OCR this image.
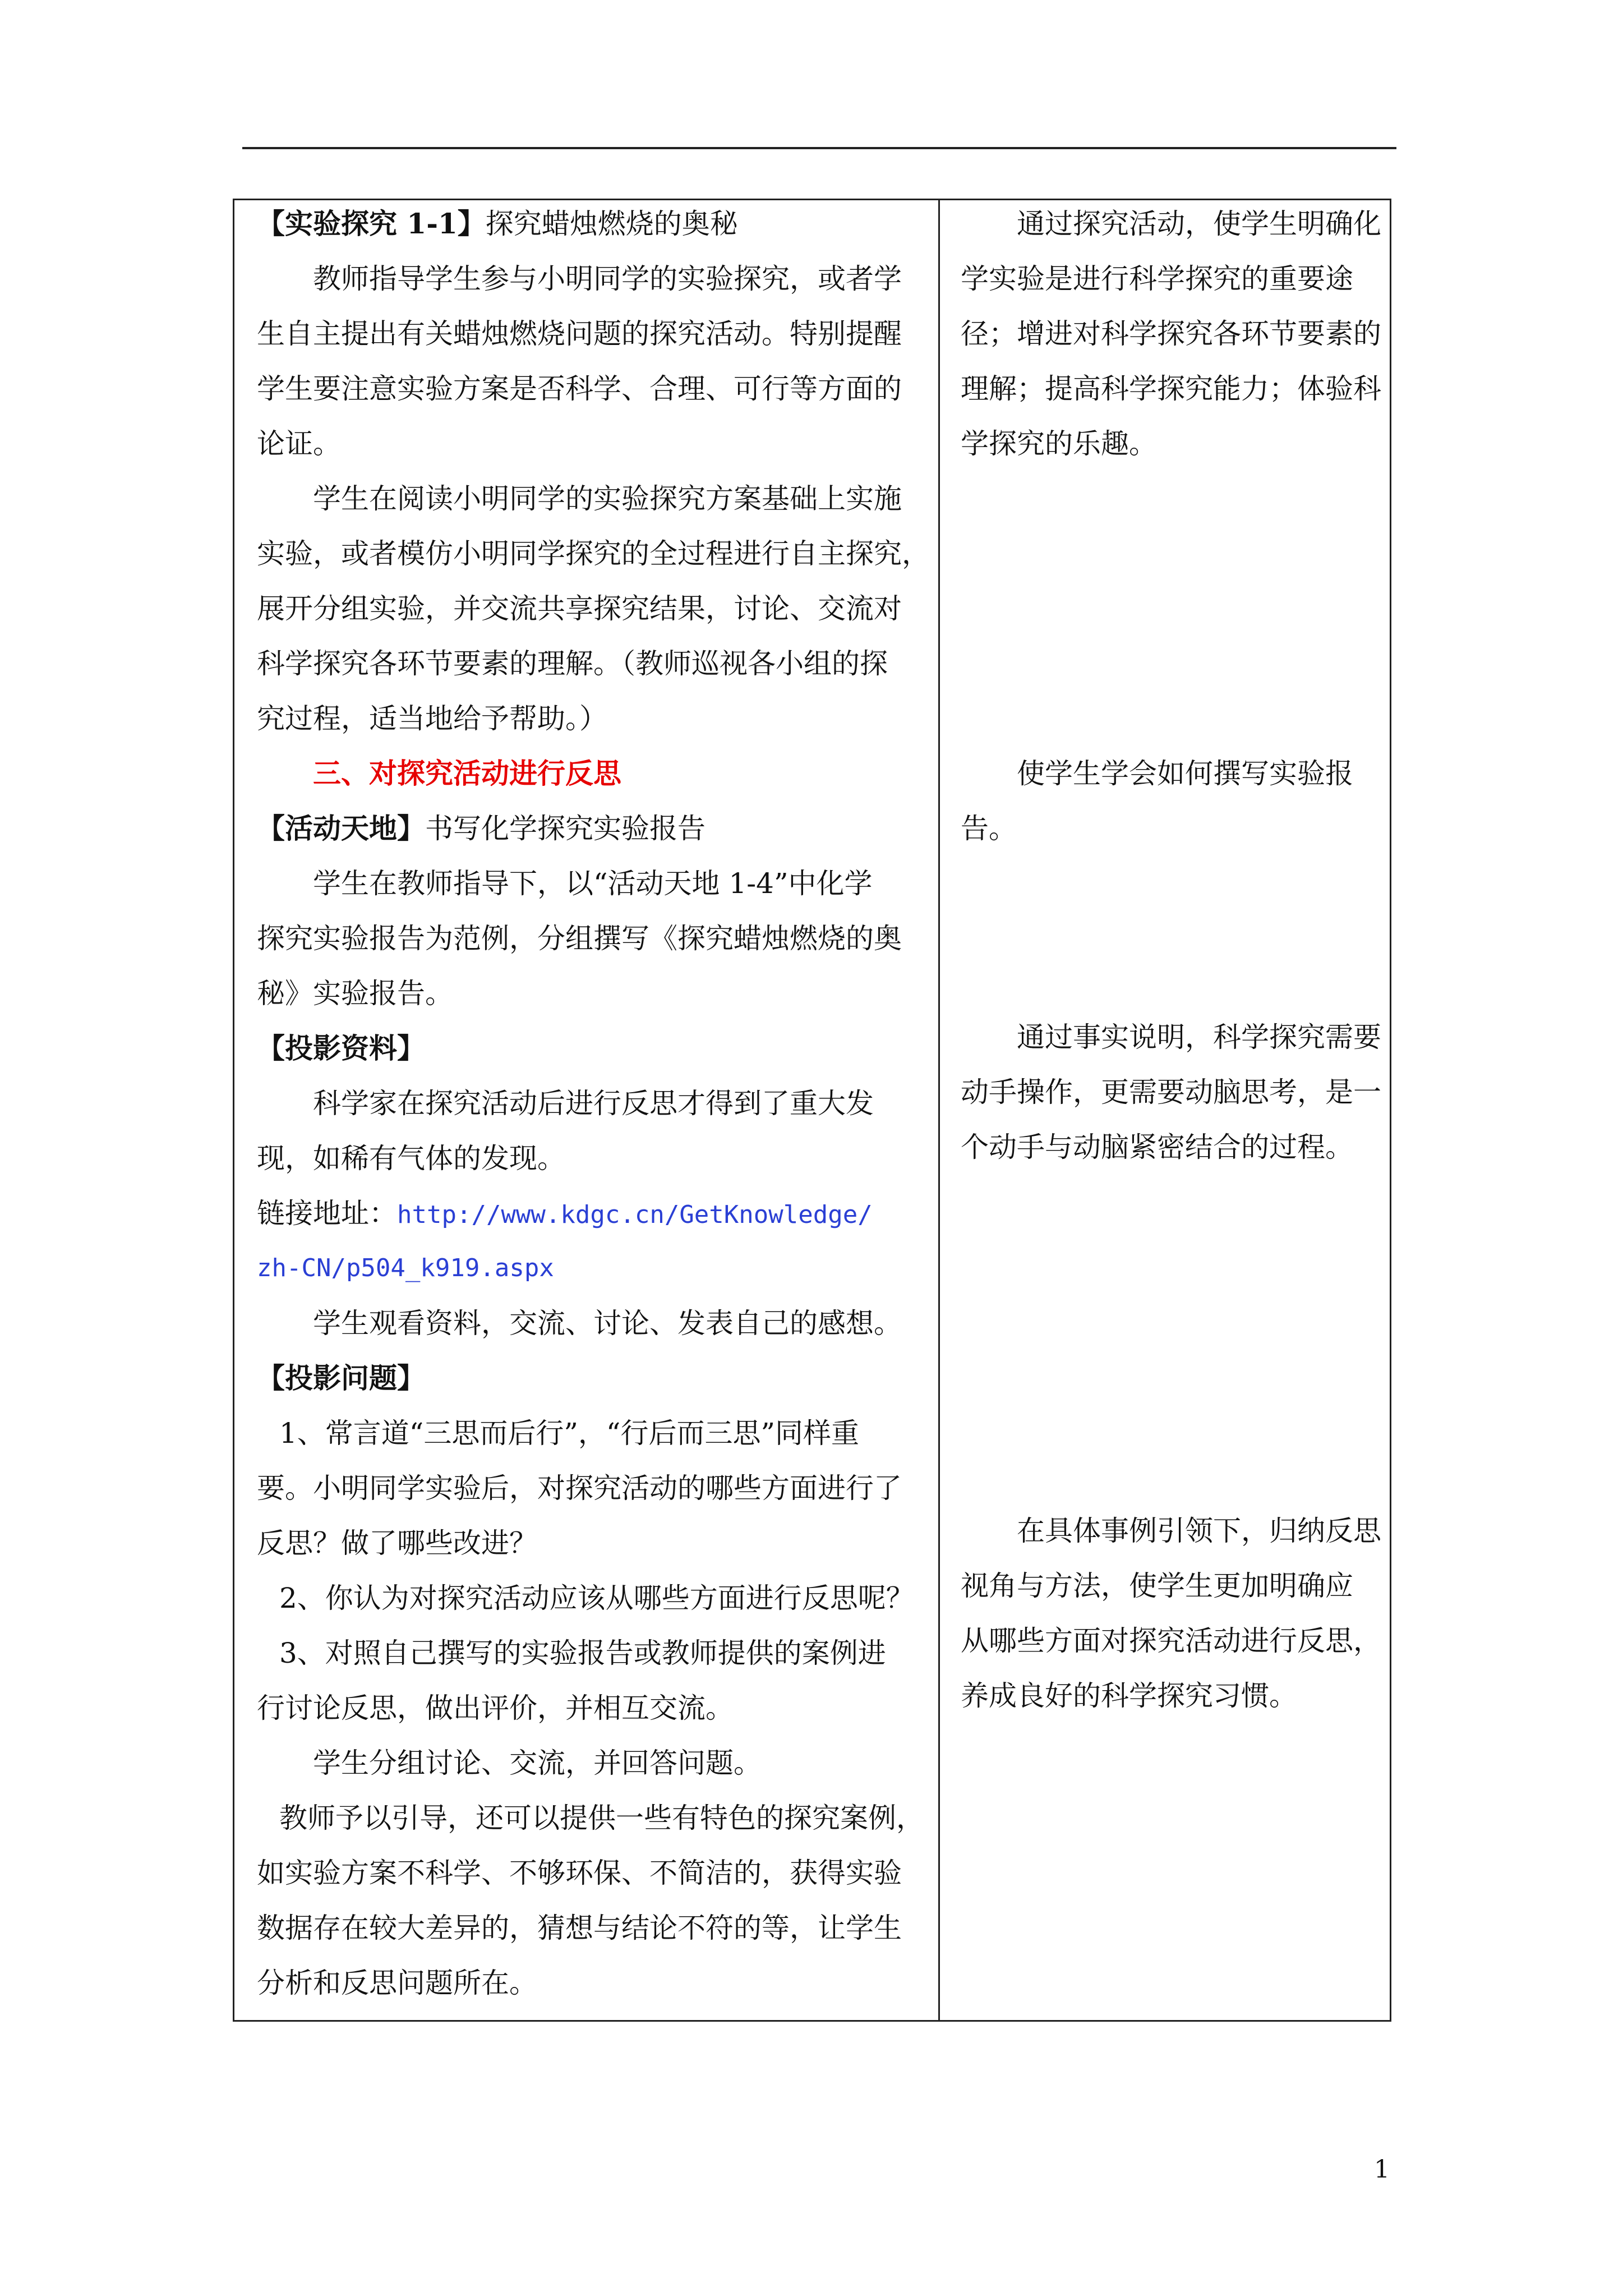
【实验探究 1-1】探究蜡烛燃烧的奥秘
教师指导学生参与小明同学的实验探究，或者学
生自主提出有关蜡烛燃烧问题的探究活动。特别提醒
学生要注意实验方案是否科学、合理、可行等方面的
论证。
学生在阅读小明同学的实验探究方案基础上实施
实验，或者模仿小明同学探究的全过程进行自主探究，
展开分组实验，并交流共享探究结果，讨论、交流对
科学探究各环节要素的理解。（教师巡视各小组的探
究过程，适当地给予帮助。）
三、对探究活动进行反思
【活动天地】书写化学探究实验报告
学生在教师指导下，以“活动天地 1-4”中化学
探究实验报告为范例，分组撰写《探究蜡烛燃烧的奥
秘》实验报告。
【投影资料】
科学家在探究活动后进行反思才得到了重大发
现，如稀有气体的发现。
链接地址：http://www.kdgc.cn/GetKnowledge/
zh-CN/p504_k919.aspx
学生观看资料，交流、讨论、发表自己的感想。
【投影问题】
1、常言道“三思而后行”，“行后而三思”同样重
要。小明同学实验后，对探究活动的哪些方面进行了
反思？做了哪些改进？
2、你认为对探究活动应该从哪些方面进行反思呢？
3、对照自己撰写的实验报告或教师提供的案例进
行讨论反思，做出评价，并相互交流。
学生分组讨论、交流，并回答问题。
教师予以引导，还可以提供一些有特色的探究案例，
如实验方案不科学、不够环保、不简洁的，获得实验
数据存在较大差异的，猜想与结论不符的等，让学生
分析和反思问题所在。
通过探究活动，使学生明确化
学实验是进行科学探究的重要途
径；增进对科学探究各环节要素的
理解；提高科学探究能力；体验科
学探究的乐趣。
使学生学会如何撰写实验报
告。
通过事实说明，科学探究需要
动手操作，更需要动脑思考，是一
个动手与动脑紧密结合的过程。
在具体事例引领下，归纳反思
视角与方法，使学生更加明确应
从哪些方面对探究活动进行反思，
养成良好的科学探究习惯。
1
